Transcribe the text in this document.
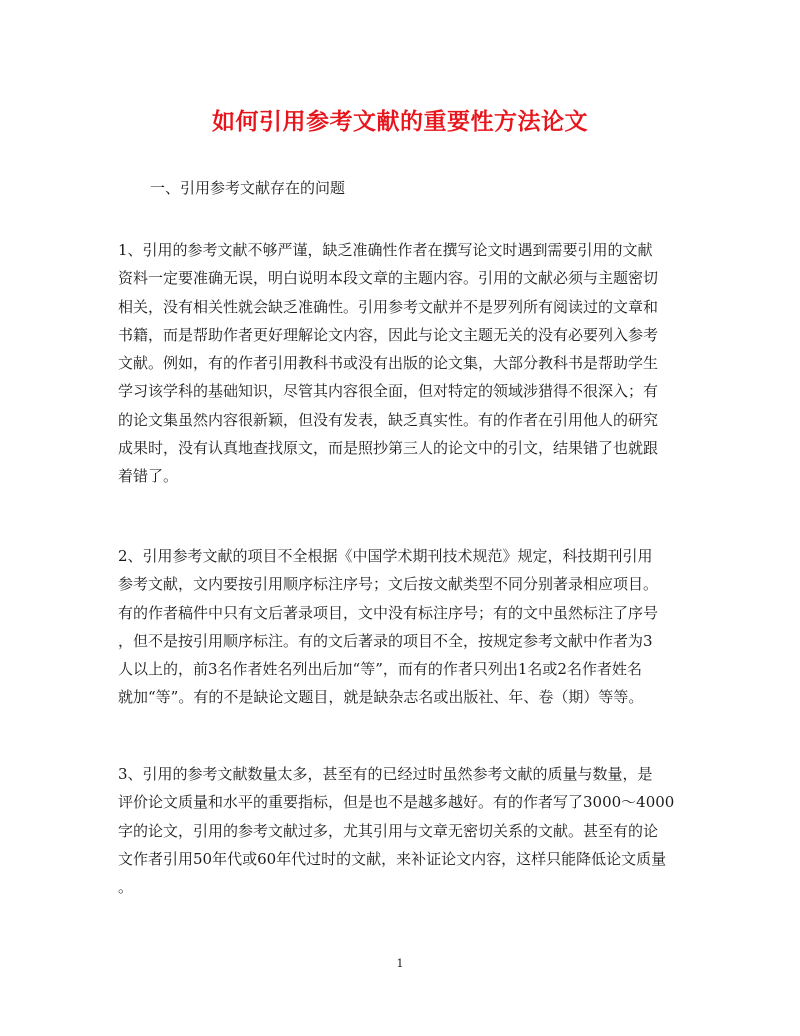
如何引用参考文献的重要性方法论文

一、引用参考文献存在的问题

1、引用的参考文献不够严谨，缺乏准确性作者在撰写论文时遇到需要引用的文献
资料一定要准确无误，明白说明本段文章的主题内容。引用的文献必须与主题密切
相关，没有相关性就会缺乏准确性。引用参考文献并不是罗列所有阅读过的文章和
书籍，而是帮助作者更好理解论文内容，因此与论文主题无关的没有必要列入参考
文献。例如，有的作者引用教科书或没有出版的论文集，大部分教科书是帮助学生
学习该学科的基础知识，尽管其内容很全面，但对特定的领域涉猎得不很深入；有
的论文集虽然内容很新颖，但没有发表，缺乏真实性。有的作者在引用他人的研究
成果时，没有认真地查找原文，而是照抄第三人的论文中的引文，结果错了也就跟
着错了。
2、引用参考文献的项目不全根据《中国学术期刊技术规范》规定，科技期刊引用
参考文献，文内要按引用顺序标注序号；文后按文献类型不同分别著录相应项目。
有的作者稿件中只有文后著录项目，文中没有标注序号；有的文中虽然标注了序号
，但不是按引用顺序标注。有的文后著录的项目不全，按规定参考文献中作者为3
人以上的，前3名作者姓名列出后加“等”，而有的作者只列出1名或2名作者姓名
就加“等”。有的不是缺论文题目，就是缺杂志名或出版社、年、卷（期）等等。
3、引用的参考文献数量太多，甚至有的已经过时虽然参考文献的质量与数量，是
评价论文质量和水平的重要指标，但是也不是越多越好。有的作者写了3000～4000
字的论文，引用的参考文献过多，尤其引用与文章无密切关系的文献。甚至有的论
文作者引用50年代或60年代过时的文献，来补证论文内容，这样只能降低论文质量
。
1
